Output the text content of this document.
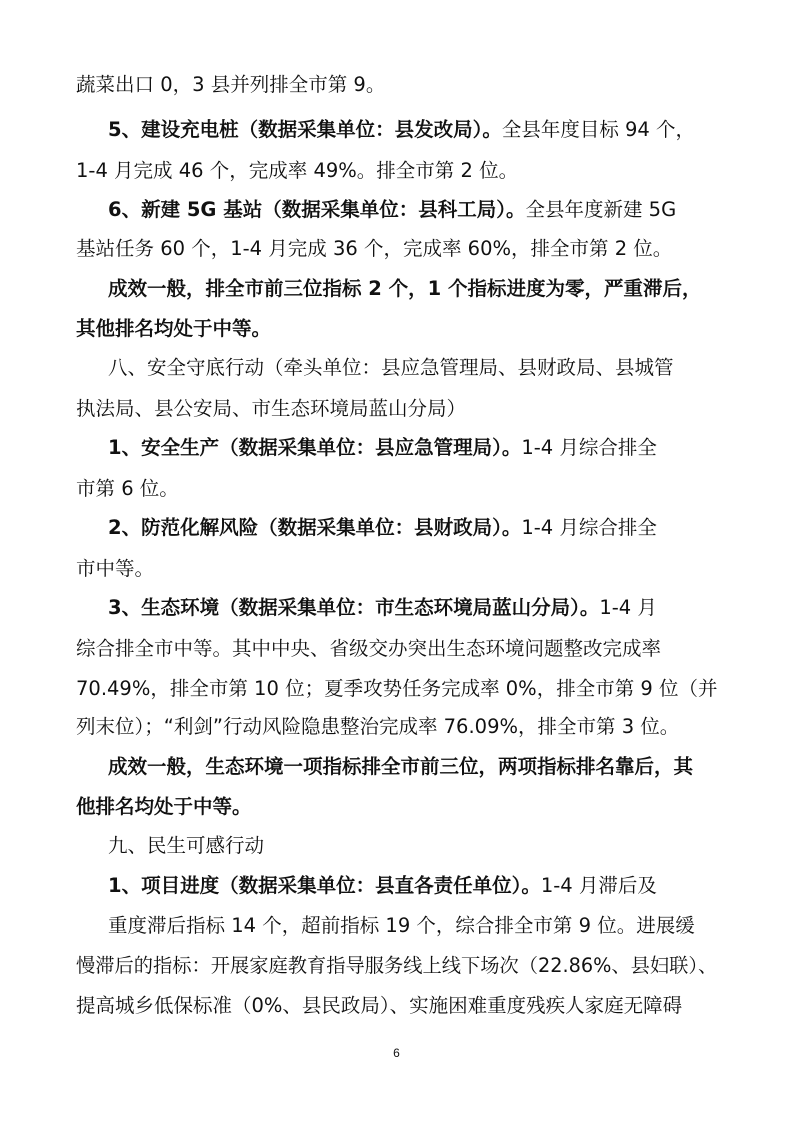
蔬菜出口 0，3 县并列排全市第 9。
5、建设充电桩（数据采集单位：县发改局）。全县年度目标 94 个，
1-4 月完成 46 个，完成率 49%。排全市第 2 位。
6、新建 5G 基站（数据采集单位：县科工局）。全县年度新建 5G
基站任务 60 个，1-4 月完成 36 个，完成率 60%，排全市第 2 位。
成效一般，排全市前三位指标 2 个，1 个指标进度为零，严重滞后，
其他排名均处于中等。
八、安全守底行动（牵头单位：县应急管理局、县财政局、县城管
执法局、县公安局、市生态环境局蓝山分局）
1、安全生产（数据采集单位：县应急管理局）。1-4 月综合排全
市第 6 位。
2、防范化解风险（数据采集单位：县财政局）。1-4 月综合排全
市中等。
3、生态环境（数据采集单位：市生态环境局蓝山分局）。1-4 月
综合排全市中等。其中中央、省级交办突出生态环境问题整改完成率
70.49%，排全市第 10 位；夏季攻势任务完成率 0%，排全市第 9 位（并
列末位）；“利剑”行动风险隐患整治完成率 76.09%，排全市第 3 位。
成效一般，生态环境一项指标排全市前三位，两项指标排名靠后，其
他排名均处于中等。
九、民生可感行动
1、项目进度（数据采集单位：县直各责任单位）。1-4 月滞后及
重度滞后指标 14 个，超前指标 19 个，综合排全市第 9 位。进展缓
慢滞后的指标：开展家庭教育指导服务线上线下场次（22.86%、县妇联）、
提高城乡低保标准（0%、县民政局）、实施困难重度残疾人家庭无障碍
6
